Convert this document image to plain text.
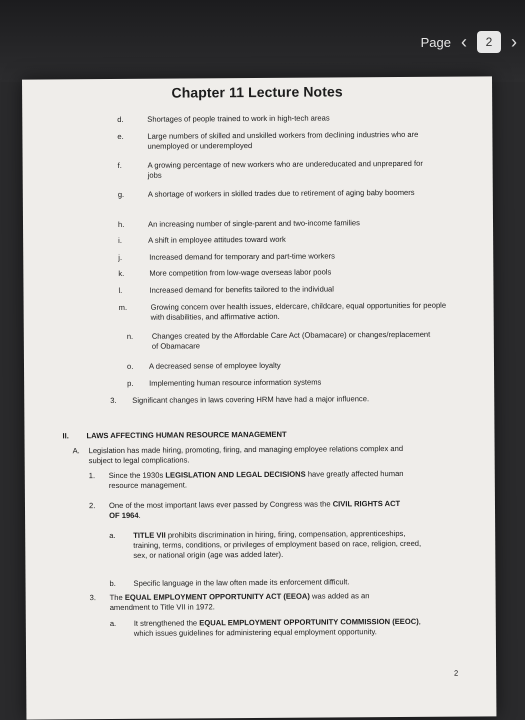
Page ‹	2	›
Chapter 11 Lecture Notes
d.	Shortages of people trained to work in high-tech areas
e.	Large numbers of skilled and unskilled workers from declining industries who are unemployed or underemployed
f.	A growing percentage of new workers who are undereducated and unprepared for jobs
g.	A shortage of workers in skilled trades due to retirement of aging baby boomers
h.	An increasing number of single-parent and two-income families
i.	A shift in employee attitudes toward work
j.	Increased demand for temporary and part-time workers
k.	More competition from low-wage overseas labor pools
l.	Increased demand for benefits tailored to the individual
m.	Growing concern over health issues, eldercare, childcare, equal opportunities for people with disabilities, and affirmative action.
n. Changes created by the Affordable Care Act (Obamacare) or changes/replacement of Obamacare
o. A decreased sense of employee loyalty
p. Implementing human resource information systems
3. Significant changes in laws covering HRM have had a major influence.
II. LAWS AFFECTING HUMAN RESOURCE MANAGEMENT
A. Legislation has made hiring, promoting, firing, and managing employee relations complex and subject to legal complications.
1. Since the 1930s LEGISLATION AND LEGAL DECISIONS have greatly affected human resource management.
2. One of the most important laws ever passed by Congress was the CIVIL RIGHTS ACT OF 1964.
a. TITLE VII prohibits discrimination in hiring, firing, compensation, apprenticeships, training, terms, conditions, or privileges of employment based on race, religion, creed, sex, or national origin (age was added later).
b. Specific language in the law often made its enforcement difficult.
3. The EQUAL EMPLOYMENT OPPORTUNITY ACT (EEOA) was added as an amendment to Title VII in 1972.
a. It strengthened the EQUAL EMPLOYMENT OPPORTUNITY COMMISSION (EEOC), which issues guidelines for administering equal employment opportunity.
2
